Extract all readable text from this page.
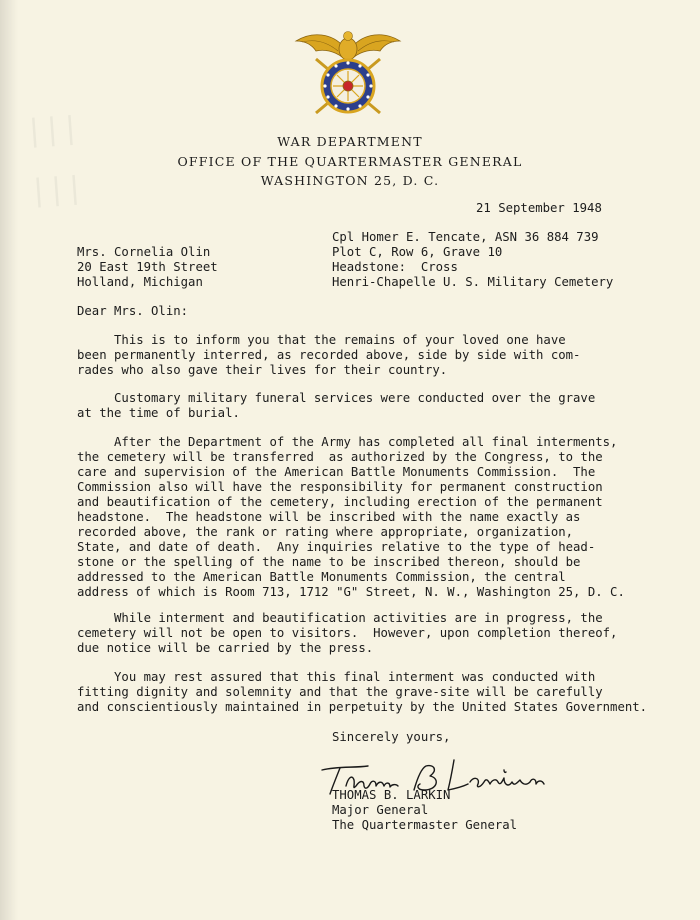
|||
|||
WAR DEPARTMENT
OFFICE OF THE QUARTERMASTER GENERAL
WASHINGTON 25, D. C.
21 September 1948
Cpl Homer E. Tencate, ASN 36 884 739
Plot C, Row 6, Grave 10
Headstone:  Cross
Henri-Chapelle U. S. Military Cemetery
Mrs. Cornelia Olin
20 East 19th Street
Holland, Michigan
Dear Mrs. Olin:
This is to inform you that the remains of your loved one have
been permanently interred, as recorded above, side by side with com-
rades who also gave their lives for their country.
Customary military funeral services were conducted over the grave
at the time of burial.
After the Department of the Army has completed all final interments,
the cemetery will be transferred  as authorized by the Congress, to the
care and supervision of the American Battle Monuments Commission.  The
Commission also will have the responsibility for permanent construction
and beautification of the cemetery, including erection of the permanent
headstone.  The headstone will be inscribed with the name exactly as
recorded above, the rank or rating where appropriate, organization,
State, and date of death.  Any inquiries relative to the type of head-
stone or the spelling of the name to be inscribed thereon, should be
addressed to the American Battle Monuments Commission, the central
address of which is Room 713, 1712 "G" Street, N. W., Washington 25, D. C.
While interment and beautification activities are in progress, the
cemetery will not be open to visitors.  However, upon completion thereof,
due notice will be carried by the press.
You may rest assured that this final interment was conducted with
fitting dignity and solemnity and that the grave-site will be carefully
and conscientiously maintained in perpetuity by the United States Government.
Sincerely yours,
THOMAS B. LARKIN
Major General
The Quartermaster General
